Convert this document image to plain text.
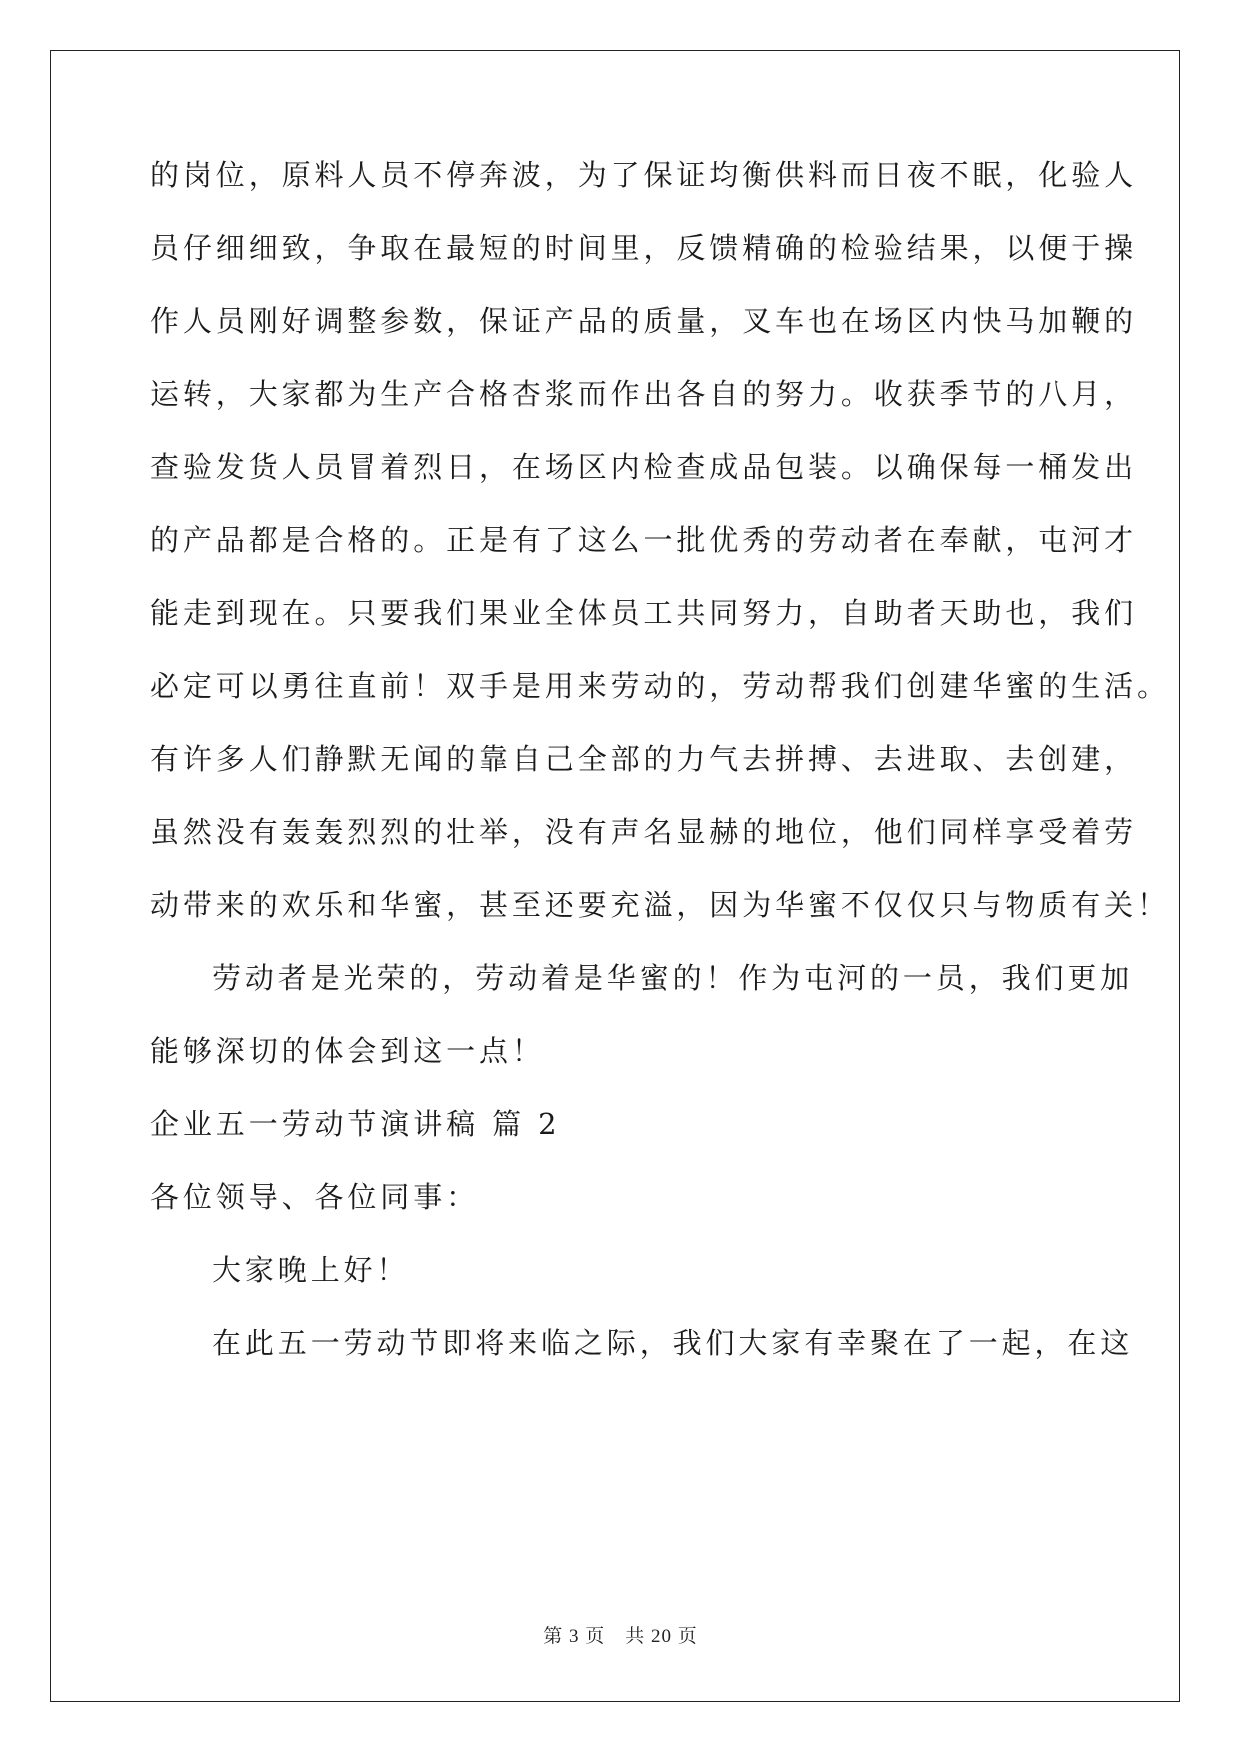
的岗位，原料人员不停奔波，为了保证均衡供料而日夜不眠，化验人
员仔细细致，争取在最短的时间里，反馈精确的检验结果，以便于操
作人员刚好调整参数，保证产品的质量，叉车也在场区内快马加鞭的
运转，大家都为生产合格杏浆而作出各自的努力。收获季节的八月，
查验发货人员冒着烈日，在场区内检查成品包装。以确保每一桶发出
的产品都是合格的。正是有了这么一批优秀的劳动者在奉献，屯河才
能走到现在。只要我们果业全体员工共同努力，自助者天助也，我们
必定可以勇往直前！双手是用来劳动的，劳动帮我们创建华蜜的生活。
有许多人们静默无闻的靠自己全部的力气去拼搏、去进取、去创建，
虽然没有轰轰烈烈的壮举，没有声名显赫的地位，他们同样享受着劳
动带来的欢乐和华蜜，甚至还要充溢，因为华蜜不仅仅只与物质有关！
劳动者是光荣的，劳动着是华蜜的！作为屯河的一员，我们更加
能够深切的体会到这一点！
企业五一劳动节演讲稿 篇 2
各位领导、各位同事：
大家晚上好！
在此五一劳动节即将来临之际，我们大家有幸聚在了一起，在这
第 3 页　共 20 页
